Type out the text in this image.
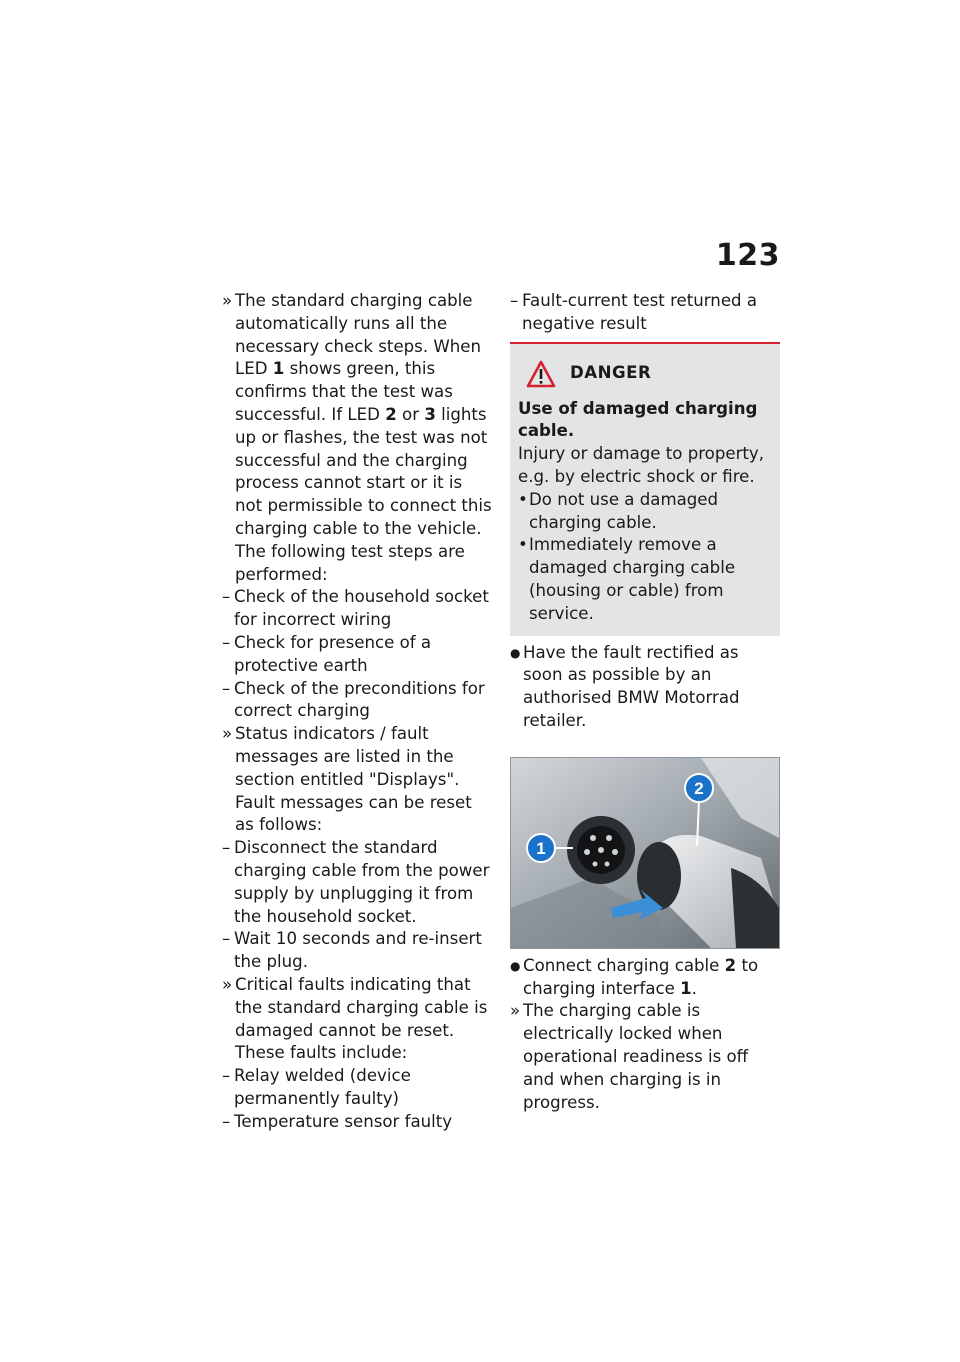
123
» The standard charging cable automatically runs all the necessary check steps. When LED 1 shows green, this confirms that the test was successful. If LED 2 or 3 lights up or flashes, the test was not successful and the charging process cannot start or it is not permissible to connect this charging cable to the vehicle. The following test steps are performed:
– Check of the household socket for incorrect wiring
– Check for presence of a protective earth
– Check of the preconditions for correct charging
» Status indicators / fault messages are listed in the section entitled "Displays". Fault messages can be reset as follows:
– Disconnect the standard charging cable from the power supply by unplugging it from the household socket.
– Wait 10 seconds and re-insert the plug.
» Critical faults indicating that the standard charging cable is damaged cannot be reset. These faults include:
– Relay welded (device permanently faulty)
– Temperature sensor faulty
– Fault-current test returned a negative result
DANGER
Use of damaged charging cable.
Injury or damage to property, e.g. by electric shock or fire.
• Do not use a damaged charging cable.
• Immediately remove a damaged charging cable (housing or cable) from service.
● Have the fault rectified as soon as possible by an authorised BMW Motorrad retailer.
1
2
● Connect charging cable 2 to charging interface 1.
» The charging cable is electrically locked when operational readiness is off and when charging is in progress.
